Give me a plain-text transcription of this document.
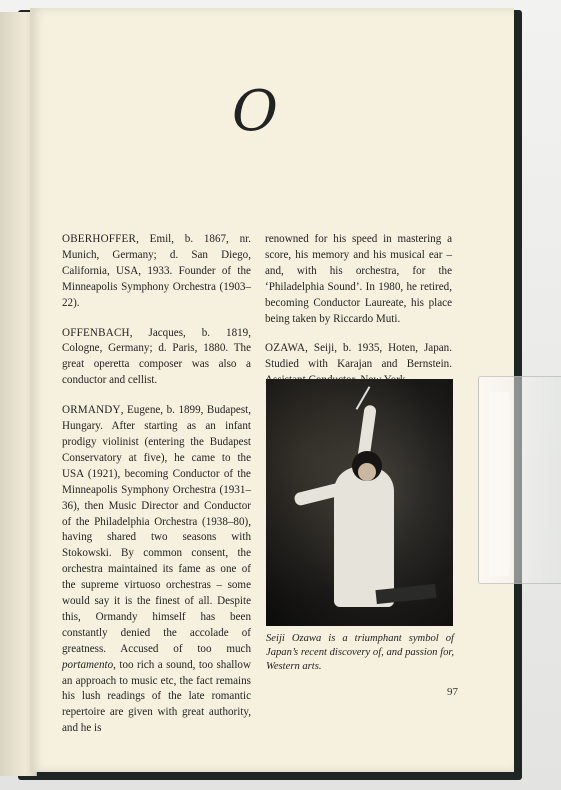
O

OBERHOFFER, Emil, b. 1867, nr. Munich, Germany; d. San Diego, California, USA, 1933. Founder of the Minneapolis Symphony Orchestra (1903–22).

OFFENBACH, Jacques, b. 1819, Cologne, Germany; d. Paris, 1880. The great operetta composer was also a conductor and cellist.

ORMANDY, Eugene, b. 1899, Budapest, Hungary. After starting as an infant prodigy violinist (entering the Budapest Conservatory at five), he came to the USA (1921), becoming Conductor of the Minneapolis Symphony Orchestra (1931–36), then Music Director and Conductor of the Philadelphia Orchestra (1938–80), having shared two seasons with Stokowski. By common consent, the orchestra maintained its fame as one of the supreme virtuoso orchestras – some would say it is the finest of all. Despite this, Ormandy himself has been constantly denied the accolade of greatness. Accused of too much portamento, too rich a sound, too shallow an approach to music etc, the fact remains his lush readings of the late romantic repertoire are given with great authority, and he is

renowned for his speed in mastering a score, his memory and his musical ear – and, with his orchestra, for the ‘Philadelphia Sound’. In 1980, he retired, becoming Conductor Laureate, his place being taken by Riccardo Muti.

OZAWA, Seiji, b. 1935, Hoten, Japan. Studied with Karajan and Bernstein.

Seiji Ozawa is a triumphant symbol of Japan’s recent discovery of, and passion for, Western arts.
97
